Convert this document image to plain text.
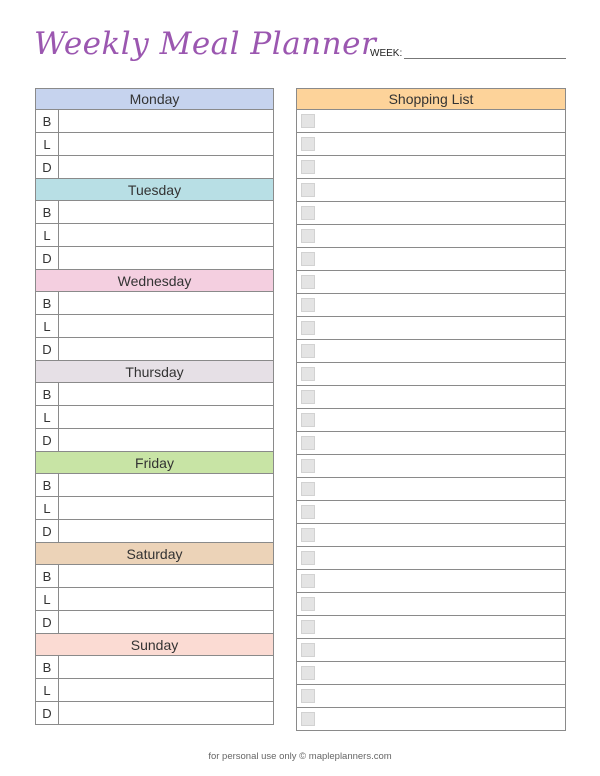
Weekly Meal Planner
WEEK:
Monday
B
L
D
Tuesday
B
L
D
Wednesday
B
L
D
Thursday
B
L
D
Friday
B
L
D
Saturday
B
L
D
Sunday
B
L
D
Shopping List
for personal use only © mapleplanners.com
